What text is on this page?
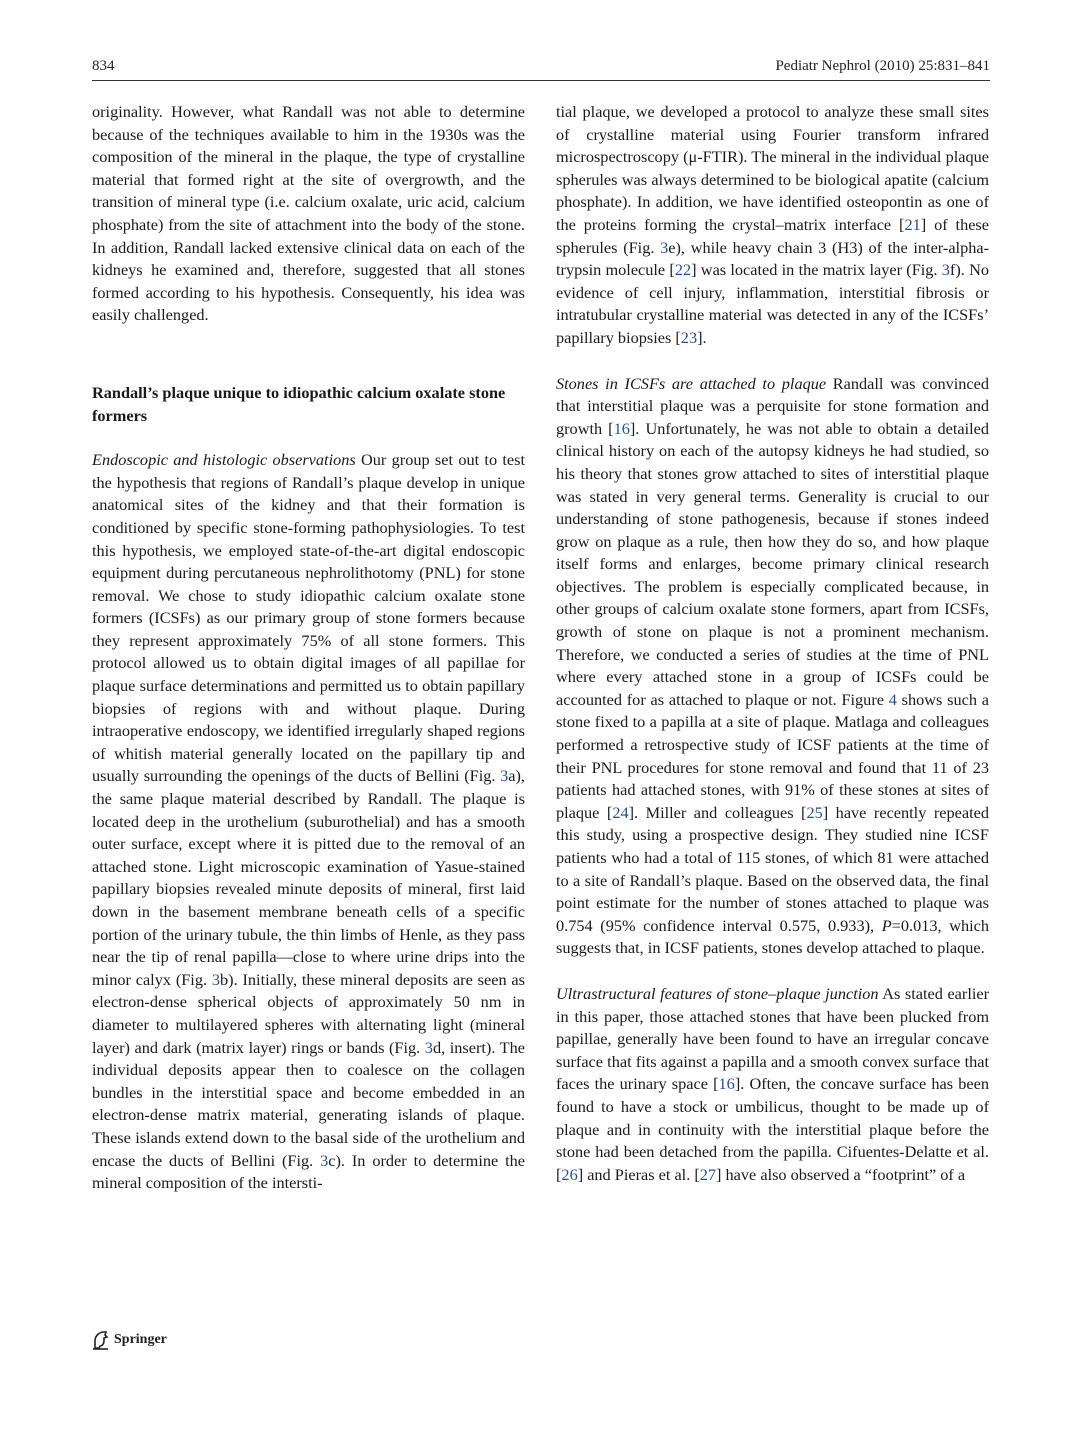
834	Pediatr Nephrol (2010) 25:831–841

originality. However, what Randall was not able to determine because of the techniques available to him in the 1930s was the composition of the mineral in the plaque, the type of crystalline material that formed right at the site of overgrowth, and the transition of mineral type (i.e. calcium oxalate, uric acid, calcium phosphate) from the site of attachment into the body of the stone. In addition, Randall lacked extensive clinical data on each of the kidneys he examined and, therefore, suggested that all stones formed according to his hypothesis. Consequently, his idea was easily challenged.

Randall’s plaque unique to idiopathic calcium oxalate stone formers

Endoscopic and histologic observations Our group set out to test the hypothesis that regions of Randall’s plaque develop in unique anatomical sites of the kidney and that their formation is conditioned by specific stone-forming pathophysiologies. To test this hypothesis, we employed state-of-the-art digital endoscopic equipment during percutaneous nephrolithotomy (PNL) for stone removal. We chose to study idiopathic calcium oxalate stone formers (ICSFs) as our primary group of stone formers because they represent approximately 75% of all stone formers. This protocol allowed us to obtain digital images of all papillae for plaque surface determinations and permitted us to obtain papillary biopsies of regions with and without plaque. During intraoperative endoscopy, we identified irregularly shaped regions of whitish material generally located on the papillary tip and usually surrounding the openings of the ducts of Bellini (Fig. 3a), the same plaque material described by Randall. The plaque is located deep in the urothelium (suburothelial) and has a smooth outer surface, except where it is pitted due to the removal of an attached stone. Light microscopic examination of Yasue-stained papillary biopsies revealed minute deposits of mineral, first laid down in the basement membrane beneath cells of a specific portion of the urinary tubule, the thin limbs of Henle, as they pass near the tip of renal papilla—close to where urine drips into the minor calyx (Fig. 3b). Initially, these mineral deposits are seen as electron-dense spherical objects of approximately 50 nm in diameter to multilayered spheres with alternating light (mineral layer) and dark (matrix layer) rings or bands (Fig. 3d, insert). The individual deposits appear then to coalesce on the collagen bundles in the interstitial space and become embedded in an electron-dense matrix material, generating islands of plaque. These islands extend down to the basal side of the urothelium and encase the ducts of Bellini (Fig. 3c). In order to determine the mineral composition of the intersti-

tial plaque, we developed a protocol to analyze these small sites of crystalline material using Fourier transform infrared microspectroscopy (μ-FTIR). The mineral in the individual plaque spherules was always determined to be biological apatite (calcium phosphate). In addition, we have identified osteopontin as one of the proteins forming the crystal–matrix interface [21] of these spherules (Fig. 3e), while heavy chain 3 (H3) of the inter-alpha-trypsin molecule [22] was located in the matrix layer (Fig. 3f). No evidence of cell injury, inflammation, interstitial fibrosis or intratubular crystalline material was detected in any of the ICSFs’ papillary biopsies [23].

Stones in ICSFs are attached to plaque Randall was convinced that interstitial plaque was a perquisite for stone formation and growth [16]. Unfortunately, he was not able to obtain a detailed clinical history on each of the autopsy kidneys he had studied, so his theory that stones grow attached to sites of interstitial plaque was stated in very general terms. Generality is crucial to our understanding of stone pathogenesis, because if stones indeed grow on plaque as a rule, then how they do so, and how plaque itself forms and enlarges, become primary clinical research objectives. The problem is especially complicated because, in other groups of calcium oxalate stone formers, apart from ICSFs, growth of stone on plaque is not a prominent mechanism. Therefore, we conducted a series of studies at the time of PNL where every attached stone in a group of ICSFs could be accounted for as attached to plaque or not. Figure 4 shows such a stone fixed to a papilla at a site of plaque. Matlaga and colleagues performed a retrospective study of ICSF patients at the time of their PNL procedures for stone removal and found that 11 of 23 patients had attached stones, with 91% of these stones at sites of plaque [24]. Miller and colleagues [25] have recently repeated this study, using a prospective design. They studied nine ICSF patients who had a total of 115 stones, of which 81 were attached to a site of Randall’s plaque. Based on the observed data, the final point estimate for the number of stones attached to plaque was 0.754 (95% confidence interval 0.575, 0.933), P=0.013, which suggests that, in ICSF patients, stones develop attached to plaque.

Ultrastructural features of stone–plaque junction As stated earlier in this paper, those attached stones that have been plucked from papillae, generally have been found to have an irregular concave surface that fits against a papilla and a smooth convex surface that faces the urinary space [16]. Often, the concave surface has been found to have a stock or umbilicus, thought to be made up of plaque and in continuity with the interstitial plaque before the stone had been detached from the papilla. Cifuentes-Delatte et al. [26] and Pieras et al. [27] have also observed a “footprint” of a

Springer
